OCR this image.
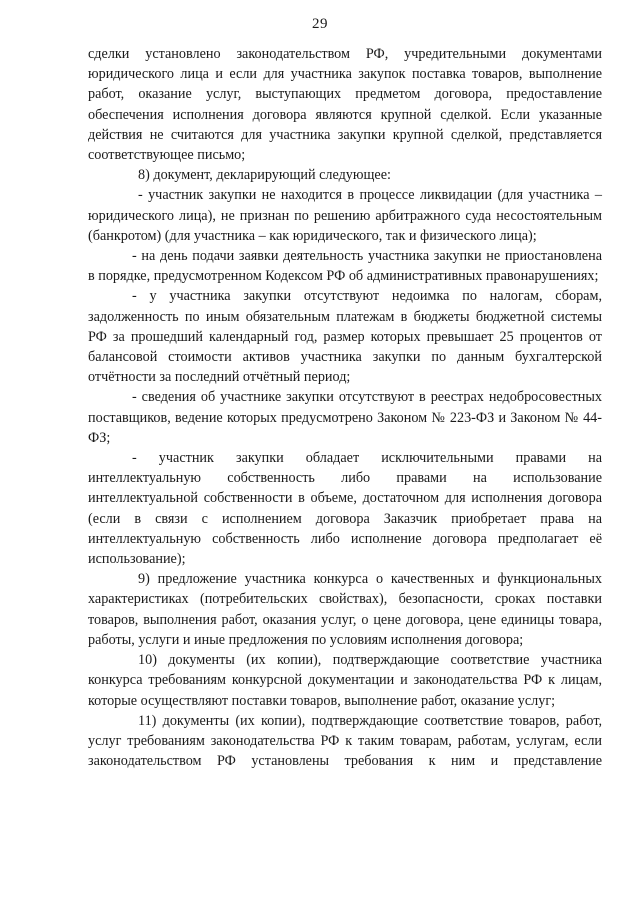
29

сделки установлено законодательством РФ, учредительными документами юридического лица и если для участника закупок поставка товаров, выполнение работ, оказание услуг, выступающих предметом договора, предоставление обеспечения исполнения договора являются крупной сделкой. Если указанные действия не считаются для участника закупки крупной сделкой, представляется соответствующее письмо;

8) документ, декларирующий следующее:

- участник закупки не находится в процессе ликвидации (для участника – юридического лица), не признан по решению арбитражного суда несостоятельным (банкротом) (для участника – как юридического, так и физического лица);

- на день подачи заявки деятельность участника закупки не приостановлена в порядке, предусмотренном Кодексом РФ об административных правонарушениях;

- у участника закупки отсутствуют недоимка по налогам, сборам, задолженность по иным обязательным платежам в бюджеты бюджетной системы РФ за прошедший календарный год, размер которых превышает 25 процентов от балансовой стоимости активов участника закупки по данным бухгалтерской отчётности за последний отчётный период;

- сведения об участнике закупки отсутствуют в реестрах недобросовестных поставщиков, ведение которых предусмотрено Законом № 223-ФЗ и Законом № 44-ФЗ;

- участник закупки обладает исключительными правами на интеллектуальную собственность либо правами на использование интеллектуальной собственности в объеме, достаточном для исполнения договора (если в связи с исполнением договора Заказчик приобретает права на интеллектуальную собственность либо исполнение договора предполагает её использование);

9) предложение участника конкурса о качественных и функциональных характеристиках (потребительских свойствах), безопасности, сроках поставки товаров, выполнения работ, оказания услуг, о цене договора, цене единицы товара, работы, услуги и иные предложения по условиям исполнения договора;

10) документы (их копии), подтверждающие соответствие участника конкурса требованиям конкурсной документации и законодательства РФ к лицам, которые осуществляют поставки товаров, выполнение работ, оказание услуг;

11) документы (их копии), подтверждающие соответствие товаров, работ, услуг требованиям законодательства РФ к таким товарам, работам, услугам, если законодательством РФ установлены требования к ним и представление
